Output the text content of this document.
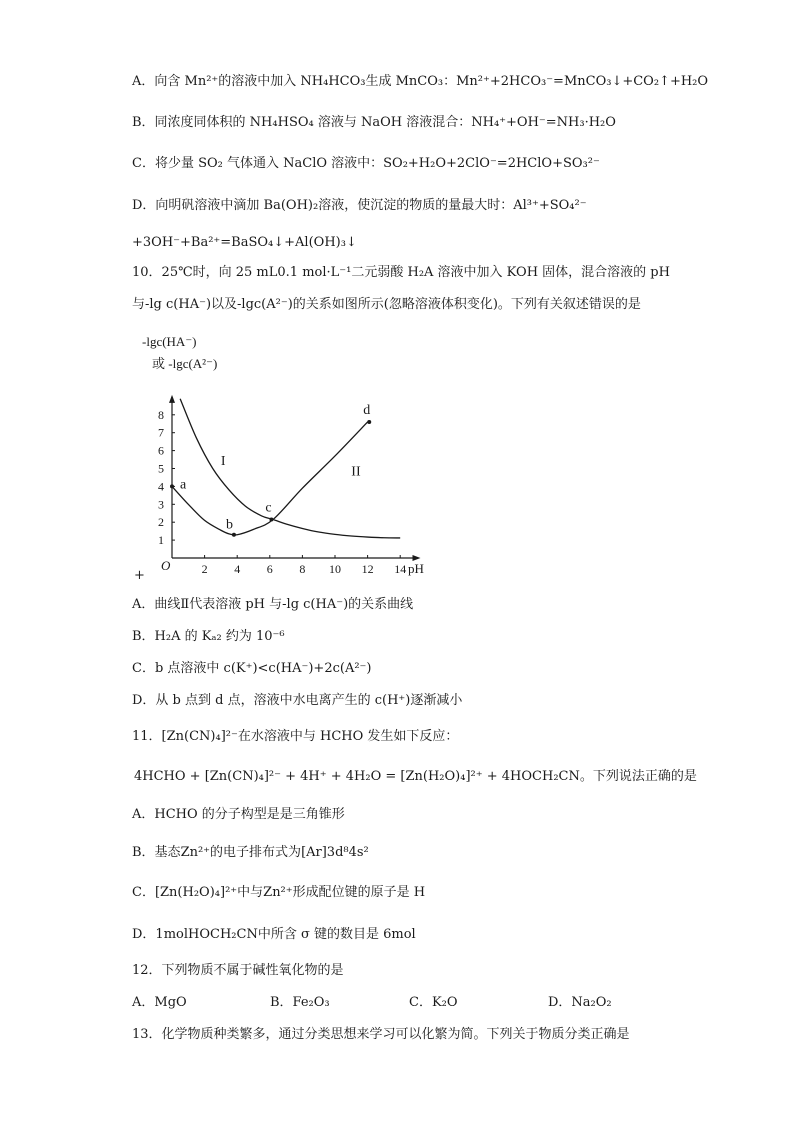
A．向含 Mn²⁺的溶液中加入 NH₄HCO₃生成 MnCO₃：Mn²⁺+2HCO₃⁻=MnCO₃↓+CO₂↑+H₂O
B．同浓度同体积的 NH₄HSO₄ 溶液与 NaOH 溶液混合：NH₄⁺+OH⁻=NH₃·H₂O
C．将少量 SO₂ 气体通入 NaClO 溶液中：SO₂+H₂O+2ClO⁻=2HClO+SO₃²⁻
D．向明矾溶液中滴加 Ba(OH)₂溶液，使沉淀的物质的量最大时：Al³⁺+SO₄²⁻
+3OH⁻+Ba²⁺=BaSO₄↓+Al(OH)₃↓
10．25℃时，向 25 mL0.1 mol·L⁻¹二元弱酸 H₂A 溶液中加入 KOH 固体，混合溶液的 pH
与-lg c(HA⁻)以及-lgc(A²⁻)的关系如图所示(忽略溶液体积变化)。下列有关叙述错误的是
2 4 6 8 10 12 14
1
2
3
4
5
6
7
8
I
II
a
b
c
d
-lgc(HA⁻)
或 -lgc(A²⁻)
pH
O
+
A．曲线Ⅱ代表溶液 pH 与-lg c(HA⁻)的关系曲线
B．H₂A 的 Kₐ₂ 约为 10⁻⁶
C．b 点溶液中 c(K⁺)<c(HA⁻)+2c(A²⁻)
D．从 b 点到 d 点，溶液中水电离产生的 c(H⁺)逐渐减小
11．[Zn(CN)₄]²⁻在水溶液中与 HCHO 发生如下反应：
4HCHO + [Zn(CN)₄]²⁻ + 4H⁺ + 4H₂O = [Zn(H₂O)₄]²⁺ + 4HOCH₂CN。下列说法正确的是
A．HCHO 的分子构型是是三角锥形
B．基态Zn²⁺的电子排布式为[Ar]3d⁸4s²
C．[Zn(H₂O)₄]²⁺中与Zn²⁺形成配位键的原子是 H
D．1molHOCH₂CN中所含 σ 键的数目是 6mol
12．下列物质不属于碱性氧化物的是
A．MgO	B．Fe₂O₃	C．K₂O	D．Na₂O₂
13．化学物质种类繁多，通过分类思想来学习可以化繁为简。下列关于物质分类正确是
